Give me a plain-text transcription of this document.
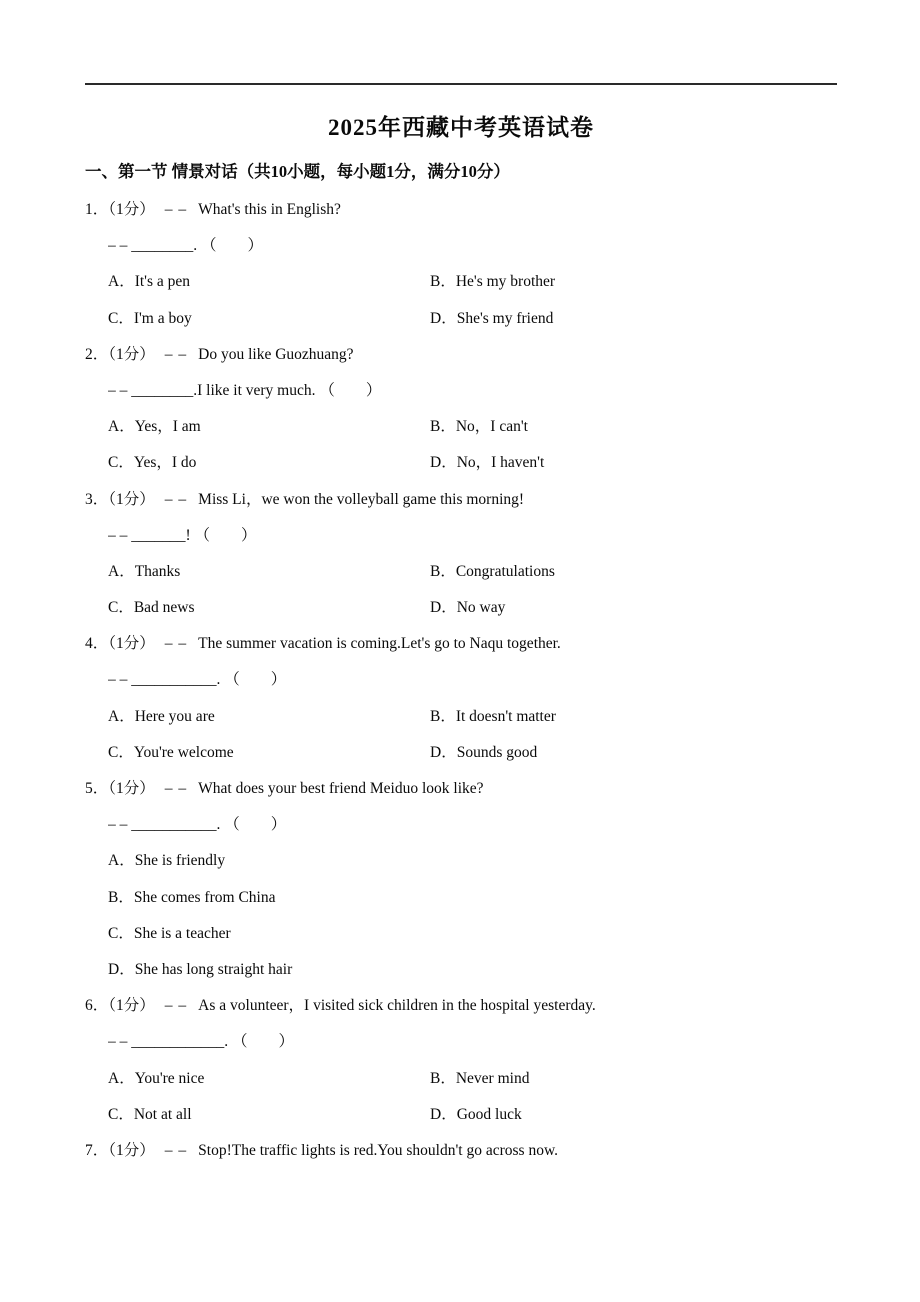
2025年西藏中考英语试卷
一、第一节 情景对话（共10小题，每小题1分，满分10分）
1．（1分） – – What's this in English?
– – ________. （　　）
A．It's a pen	B．He's my brother
C．I'm a boy	D．She's my friend
2．（1分） – – Do you like Guozhuang?
– – ________.I like it very much. （　　）
A．Yes，I am	B．No，I can't
C．Yes，I do	D．No，I haven't
3．（1分） – – Miss Li，we won the volleyball game this morning!
– – _______! （　　）
A．Thanks	B．Congratulations
C．Bad news	D．No way
4．（1分） – – The summer vacation is coming.Let's go to Naqu together.
– – ___________. （　　）
A．Here you are	B．It doesn't matter
C．You're welcome	D．Sounds good
5．（1分） – – What does your best friend Meiduo look like?
– – ___________. （　　）
A．She is friendly
B．She comes from China
C．She is a teacher
D．She has long straight hair
6．（1分） – – As a volunteer，I visited sick children in the hospital yesterday.
– – ____________. （　　）
A．You're nice	B．Never mind
C．Not at all	D．Good luck
7．（1分） – – Stop!The traffic lights is red.You shouldn't go across now.
